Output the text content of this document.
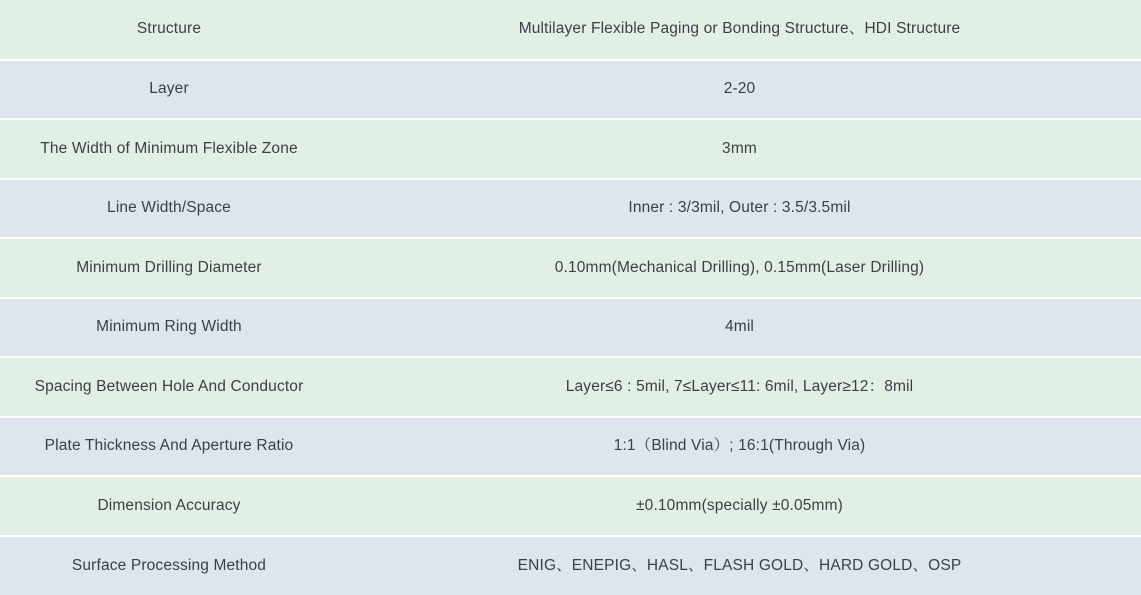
Structure	Multilayer Flexible Paging or Bonding Structure、HDI Structure
Layer	2-20
The Width of Minimum Flexible Zone	3mm
Line Width/Space	Inner : 3/3mil, Outer : 3.5/3.5mil
Minimum Drilling Diameter	0.10mm(Mechanical Drilling), 0.15mm(Laser Drilling)
Minimum Ring Width	4mil
Spacing Between Hole And Conductor	Layer≤6 : 5mil, 7≤Layer≤11: 6mil, Layer≥12：8mil
Plate Thickness And Aperture Ratio	1:1（Blind Via）; 16:1(Through Via)
Dimension Accuracy	±0.10mm(specially ±0.05mm)
Surface Processing Method	ENIG、ENEPIG、HASL、FLASH GOLD、HARD GOLD、OSP
